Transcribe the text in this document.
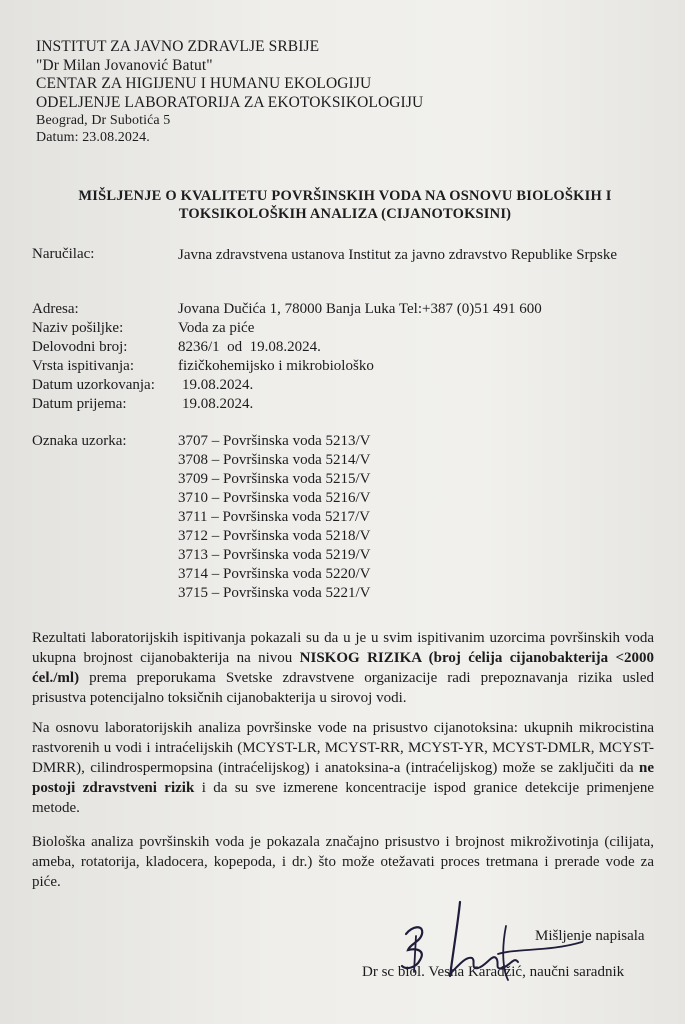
INSTITUT ZA JAVNO ZDRAVLJE SRBIJE
"Dr Milan Jovanović Batut"
CENTAR ZA HIGIJENU I HUMANU EKOLOGIJU
ODELJENJE LABORATORIJA ZA EKOTOKSIKOLOGIJU
Beograd, Dr Subotića 5
Datum: 23.08.2024.
MIŠLJENJE O KVALITETU POVRŠINSKIH VODA NA OSNOVU BIOLOŠKIH I
TOKSIKOLOŠKIH ANALIZA (CIJANOTOKSINI)
Naručilac:	Javna zdravstvena ustanova Institut za javno zdravstvo Republike Srpske
Adresa:	Jovana Dučića 1, 78000 Banja Luka Tel:+387 (0)51 491 600
Naziv pošiljke:	Voda za piće
Delovodni broj:	8236/1  od  19.08.2024.
Vrsta ispitivanja:	fizičkohemijsko i mikrobiološko
Datum uzorkovanja: 19.08.2024.
Datum prijema:	19.08.2024.
Oznaka uzorka:	3707 – Površinska voda 5213/V
3708 – Površinska voda 5214/V
3709 – Površinska voda 5215/V
3710 – Površinska voda 5216/V
3711 – Površinska voda 5217/V
3712 – Površinska voda 5218/V
3713 – Površinska voda 5219/V
3714 – Površinska voda 5220/V
3715 – Površinska voda 5221/V
Rezultati laboratorijskih ispitivanja pokazali su da u je u svim ispitivanim uzorcima površinskih voda ukupna brojnost cijanobakterija na nivou NISKOG RIZIKA (broj ćelija cijanobakterija <2000 ćel./ml) prema preporukama Svetske zdravstvene organizacije radi prepoznavanja rizika usled prisustva potencijalno toksičnih cijanobakterija u sirovoj vodi.
Na osnovu laboratorijskih analiza površinske vode na prisustvo cijanotoksina: ukupnih mikrocistina rastvorenih u vodi i intraćelijskih (MCYST-LR, MCYST-RR, MCYST-YR, MCYST-DMLR, MCYST- DMRR), cilindrospermopsina (intraćelijskog) i anatoksina-a (intraćelijskog) može se zaključiti da ne postoji zdravstveni rizik i da su sve izmerene koncentracije ispod granice detekcije primenjene metode.
Biološka analiza površinskih voda je pokazala značajno prisustvo i brojnost mikroživotinja (cilijata, ameba, rotatorija, kladocera, kopepoda, i dr.) što može otežavati proces tretmana i prerade vode za piće.
Mišljenje napisala
Dr sc biol. Vesna Karadžić, naučni saradnik
